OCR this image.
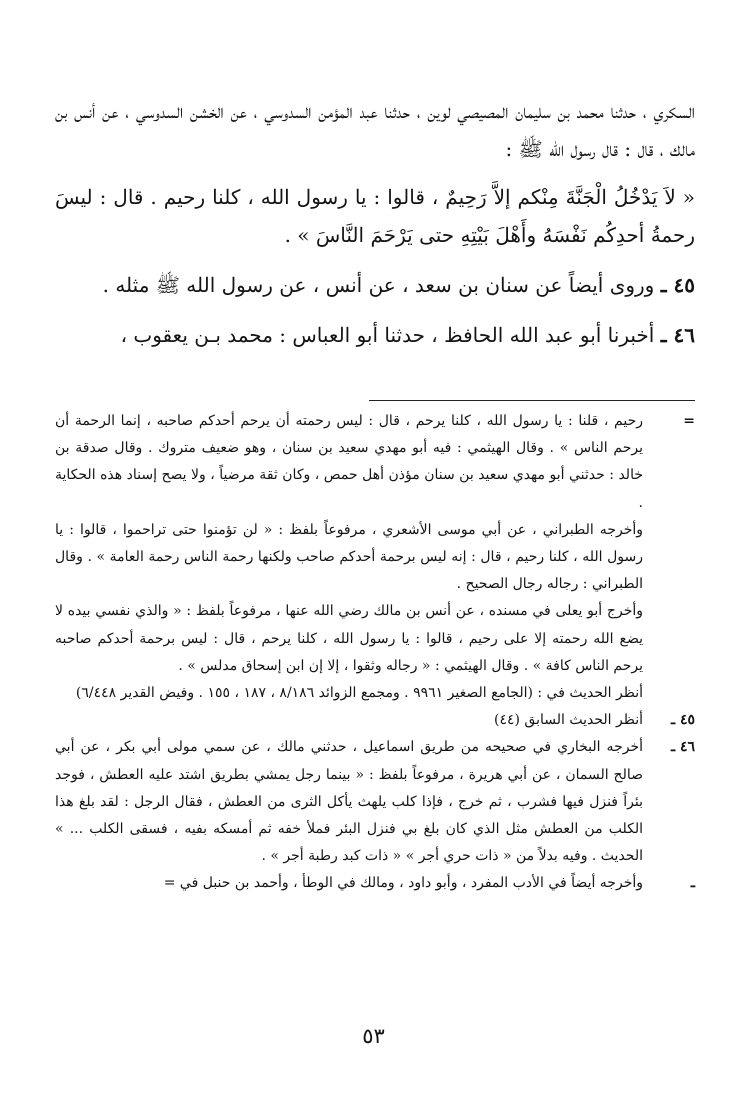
السكري ، حدثنا محمد بن سليمان المصيصي لوين ، حدثنا عبد المؤمن السدوسي ، عن الخشن السدوسي ، عن أنس بن مالك ، قال : قال رسول الله ﷺ :

« لاَ يَدْخُلُ الْجَنَّةَ مِنْكم إلاَّ رَحِيمٌ ، قالوا : يا رسول الله ، كلنا رحيم . قال : ليسَ رحمةُ أحدِكُم نَفْسَهُ وأَهْلَ بَيْتِهِ حتى يَرْحَمَ النَّاسَ » .

٤٥ ـ وروى أيضاً عن سنان بن سعد ، عن أنس ، عن رسول الله ﷺ مثله .

٤٦ ـ أخبرنا أبو عبد الله الحافظ ، حدثنا أبو العباس : محمد بـن يعقوب ،

=

رحيم ، قلنا : يا رسول الله ، كلنا يرحم ، قال : ليس رحمته أن يرحم أحدكم صاحبه ، إنما الرحمة أن يرحم الناس » . وقال الهيثمي : فيه أبو مهدي سعيد بن سنان ، وهو ضعيف متروك . وقال صدقة بن خالد : حدثني أبو مهدي سعيد بن سنان مؤذن أهل حمص ، وكان ثقة مرضياً ، ولا يصح إسناد هذه الحكاية .

وأخرجه الطبراني ، عن أبي موسى الأشعري ، مرفوعاً بلفظ : « لن تؤمنوا حتى تراحموا ، قالوا : يا رسول الله ، كلنا رحيم ، قال : إنه ليس برحمة أحدكم صاحب ولكنها رحمة الناس رحمة العامة » . وقال الطبراني : رجاله رجال الصحيح .

وأخرج أبو يعلى في مسنده ، عن أنس بن مالك رضي الله عنها ، مرفوعاً بلفظ : « والذي نفسي بيده لا يضع الله رحمته إلا على رحيم ، قالوا : يا رسول الله ، كلنا يرحم ، قال : ليس برحمة أحدكم صاحبه يرحم الناس كافة » . وقال الهيثمي : « رجاله وثقوا ، إلا إن ابن إسحاق مدلس » .

أنظر الحديث في : (الجامع الصغير ٩٩٦١ . ومجمع الزوائد ٨/١٨٦ ، ١٨٧ ، ١٥٥ . وفيض القدير ٦/٤٤٨)

٤٥ ـ

أنظر الحديث السابق (٤٤)

٤٦ ـ

أخرجه البخاري في صحيحه من طريق اسماعيل ، حدثني مالك ، عن سمي مولى أبي بكر ، عن أبي صالح السمان ، عن أبي هريرة ، مرفوعاً بلفظ : « بينما رجل يمشي بطريق اشتد عليه العطش ، فوجد بئراً فنزل فيها فشرب ، ثم خرج ، فإذا كلب يلهث يأكل الثرى من العطش ، فقال الرجل : لقد بلغ هذا الكلب من العطش مثل الذي كان بلغ بي فنزل البئر فملأ خفه ثم أمسكه بفيه ، فسقى الكلب ... » الحديث . وفيه بدلاً من « ذات حري أجر » « ذات كبد رطبة أجر » .

ـ

وأخرجه أيضاً في الأدب المفرد ، وأبو داود ، ومالك في الوطأ ، وأحمد بن حنبل في =

٥٣
